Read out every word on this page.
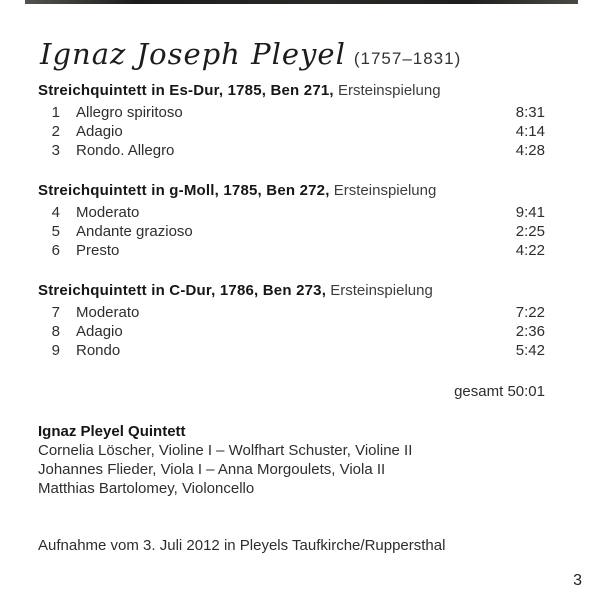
Ignaz Joseph Pleyel (1757–1831)
Streichquintett in Es-Dur, 1785, Ben 271, Ersteinspielung
1 Allegro spiritoso	8:31
2 Adagio	4:14
3 Rondo. Allegro	4:28
Streichquintett in g-Moll, 1785, Ben 272, Ersteinspielung
4 Moderato	9:41
5 Andante grazioso	2:25
6 Presto	4:22
Streichquintett in C-Dur, 1786, Ben 273, Ersteinspielung
7 Moderato	7:22
8 Adagio	2:36
9 Rondo	5:42
gesamt 50:01
Ignaz Pleyel Quintett
Cornelia Löscher, Violine I – Wolfhart Schuster, Violine II
Johannes Flieder, Viola I – Anna Morgoulets, Viola II
Matthias Bartolomey, Violoncello
Aufnahme vom 3. Juli 2012 in Pleyels Taufkirche/Ruppersthal
3
